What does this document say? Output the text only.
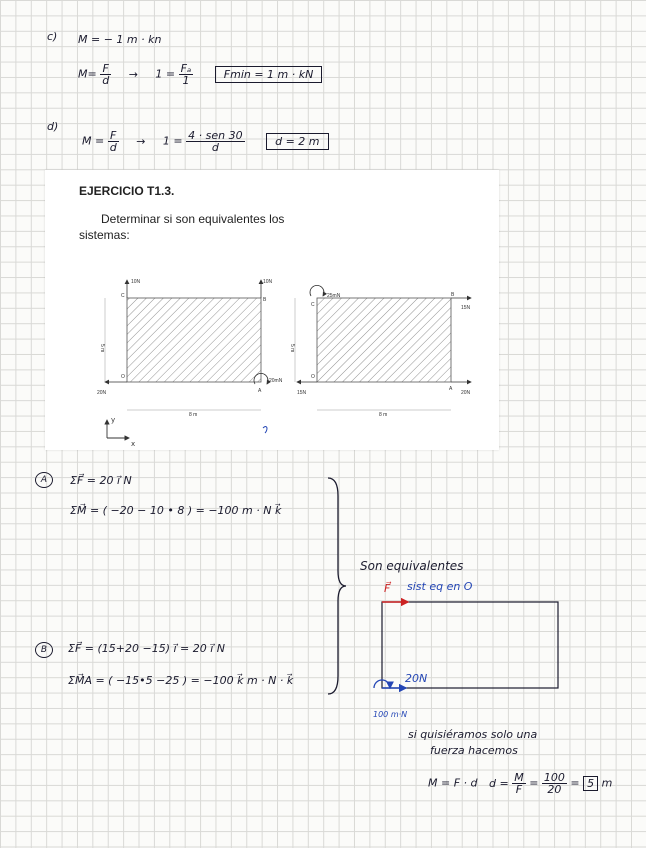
c) M = − 1 m · kn
$M= \frac{F}{d} \to 1 = \frac{\text{Fₐ}}{1}$	Fmin = 1 m · kN
d)
$M = \frac{F}{d} \to 1 = \frac{\text{4 · sen 30}}{d}$	d = 2 m
EJERCICIO T1.3.
Determinar si son equivalentes los sistemas:
10N	10N
C
B
O
A
20N
20mN
5 m
8 m
25mN
15N
C
B
O
A
15N	20N
5 m
8 m
y
x
A	ΣF⃗ = 20 i⃗ N
ΣM⃗ = ( −20 − 10 • 8 ) = −100 m · N k⃗
B	ΣF⃗ = (15+20 −15) i⃗ = 20 i⃗ N
ΣM⃗A = ( −15•5 −25 ) = −100 k⃗ m · N · k⃗
Son equivalentes
F⃗ sist eq en O
20N
100 m·N
si quisiéramos solo una
fuerza hacemos
M = F · d $d = \frac{M}{F} = \frac{100}{20} = 5$ m
